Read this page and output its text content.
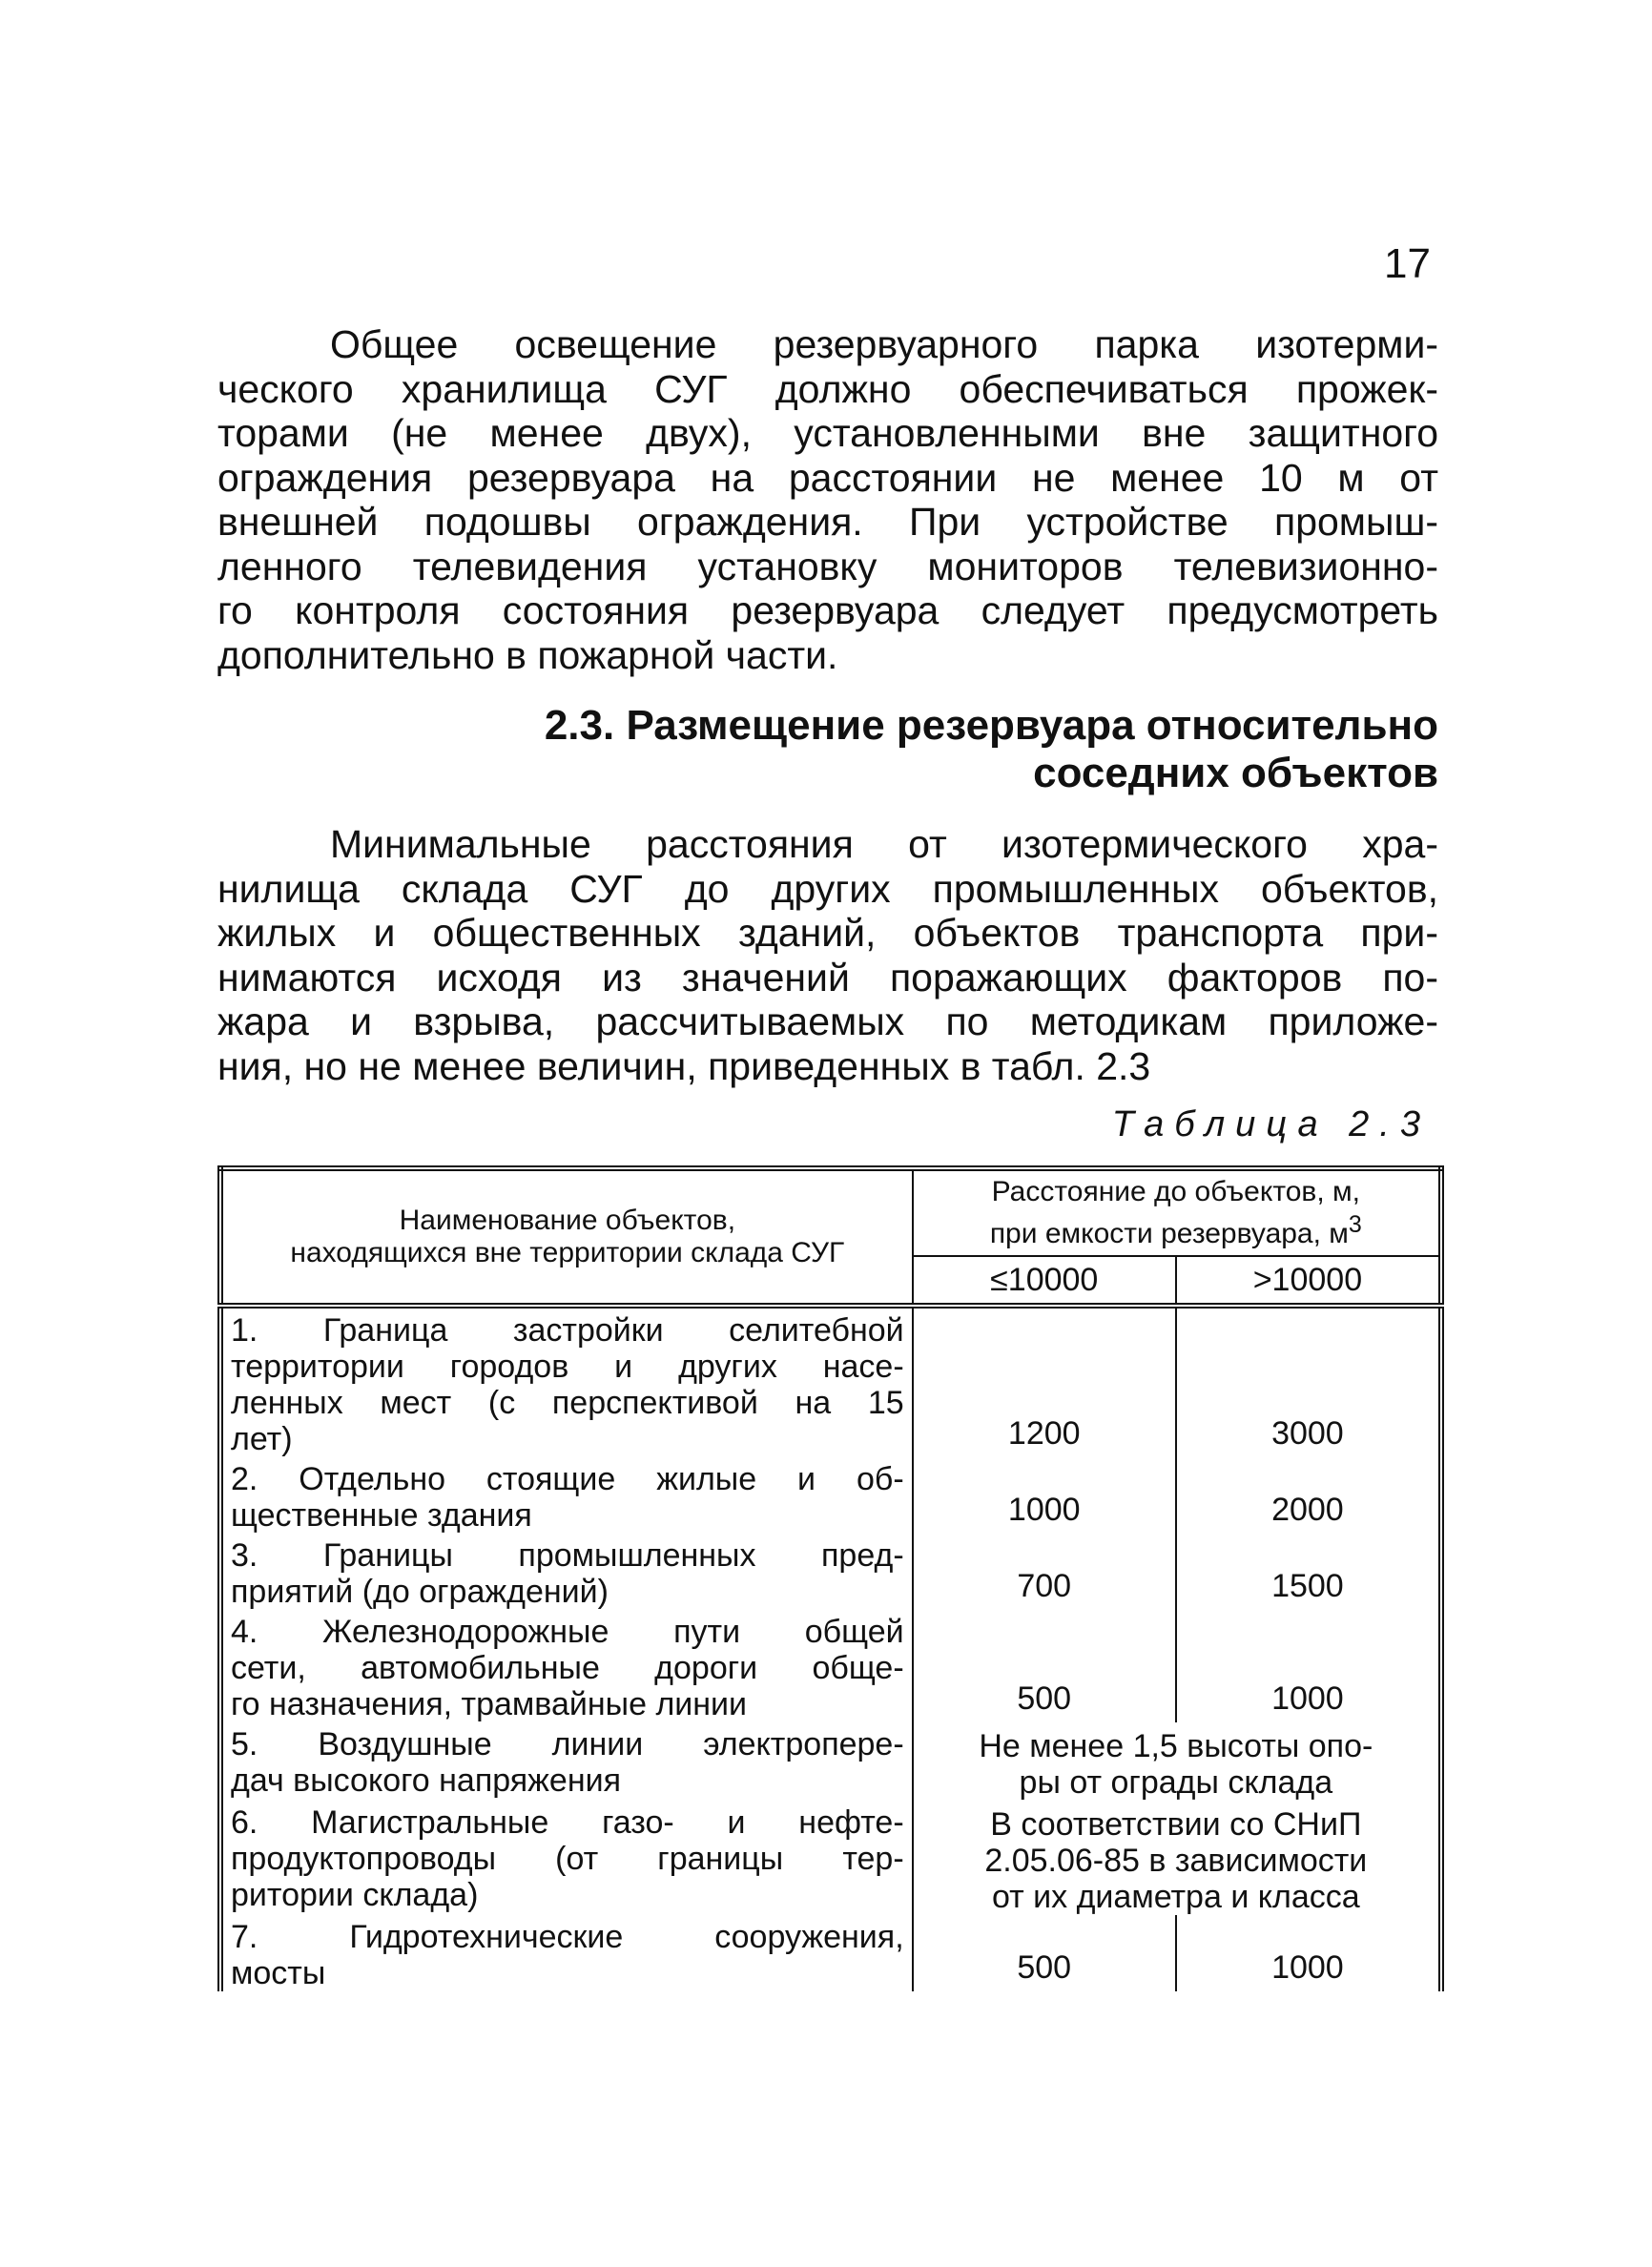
17

Общее освещение резервуарного парка изотерми-
ческого хранилища СУГ должно обеспечиваться прожек-
торами (не менее двух), установленными вне защитного
ограждения резервуара на расстоянии не менее 10 м от
внешней подошвы ограждения. При устройстве промыш-
ленного телевидения установку мониторов телевизионно-
го контроля состояния резервуара следует предусмотреть
дополнительно в пожарной части.

2.3. Размещение резервуара относительно
соседних объектов

Минимальные расстояния от изотермического хра-
нилища склада СУГ до других промышленных объектов,
жилых и общественных зданий, объектов транспорта при-
нимаются исходя из значений поражающих факторов по-
жара и взрыва, рассчитываемых по методикам приложе-
ния, но не менее величин, приведенных в табл. 2.3

Таблица 2.3
Наименование объектов,
находящихся вне территории склада СУГ	Расстояние до объектов, м,
при емкости резервуара, $м^3$
	≤10000	>10000

1. Граница застройки селитебной
территории городов и других насе-
ленных мест (с перспективой на 15
лет)	1200	3000

2. Отдельно стоящие жилые и об-
щественные здания	1000	2000

3. Границы промышленных пред-
приятий (до ограждений)	700	1500

4. Железнодорожные пути общей
сети, автомобильные дороги обще-
го назначения, трамвайные линии	500	1000

5. Воздушные линии электропере-
дач высокого напряжения	Не менее 1,5 высоты опо-
ры от ограды склада	

6. Магистральные газо- и нефте-
продуктопроводы (от границы тер-
ритории склада)	В соответствии со СНиП
2.05.06-85 в зависимости
от их диаметра и класса	

7. Гидротехнические сооружения,
мосты	500	1000
